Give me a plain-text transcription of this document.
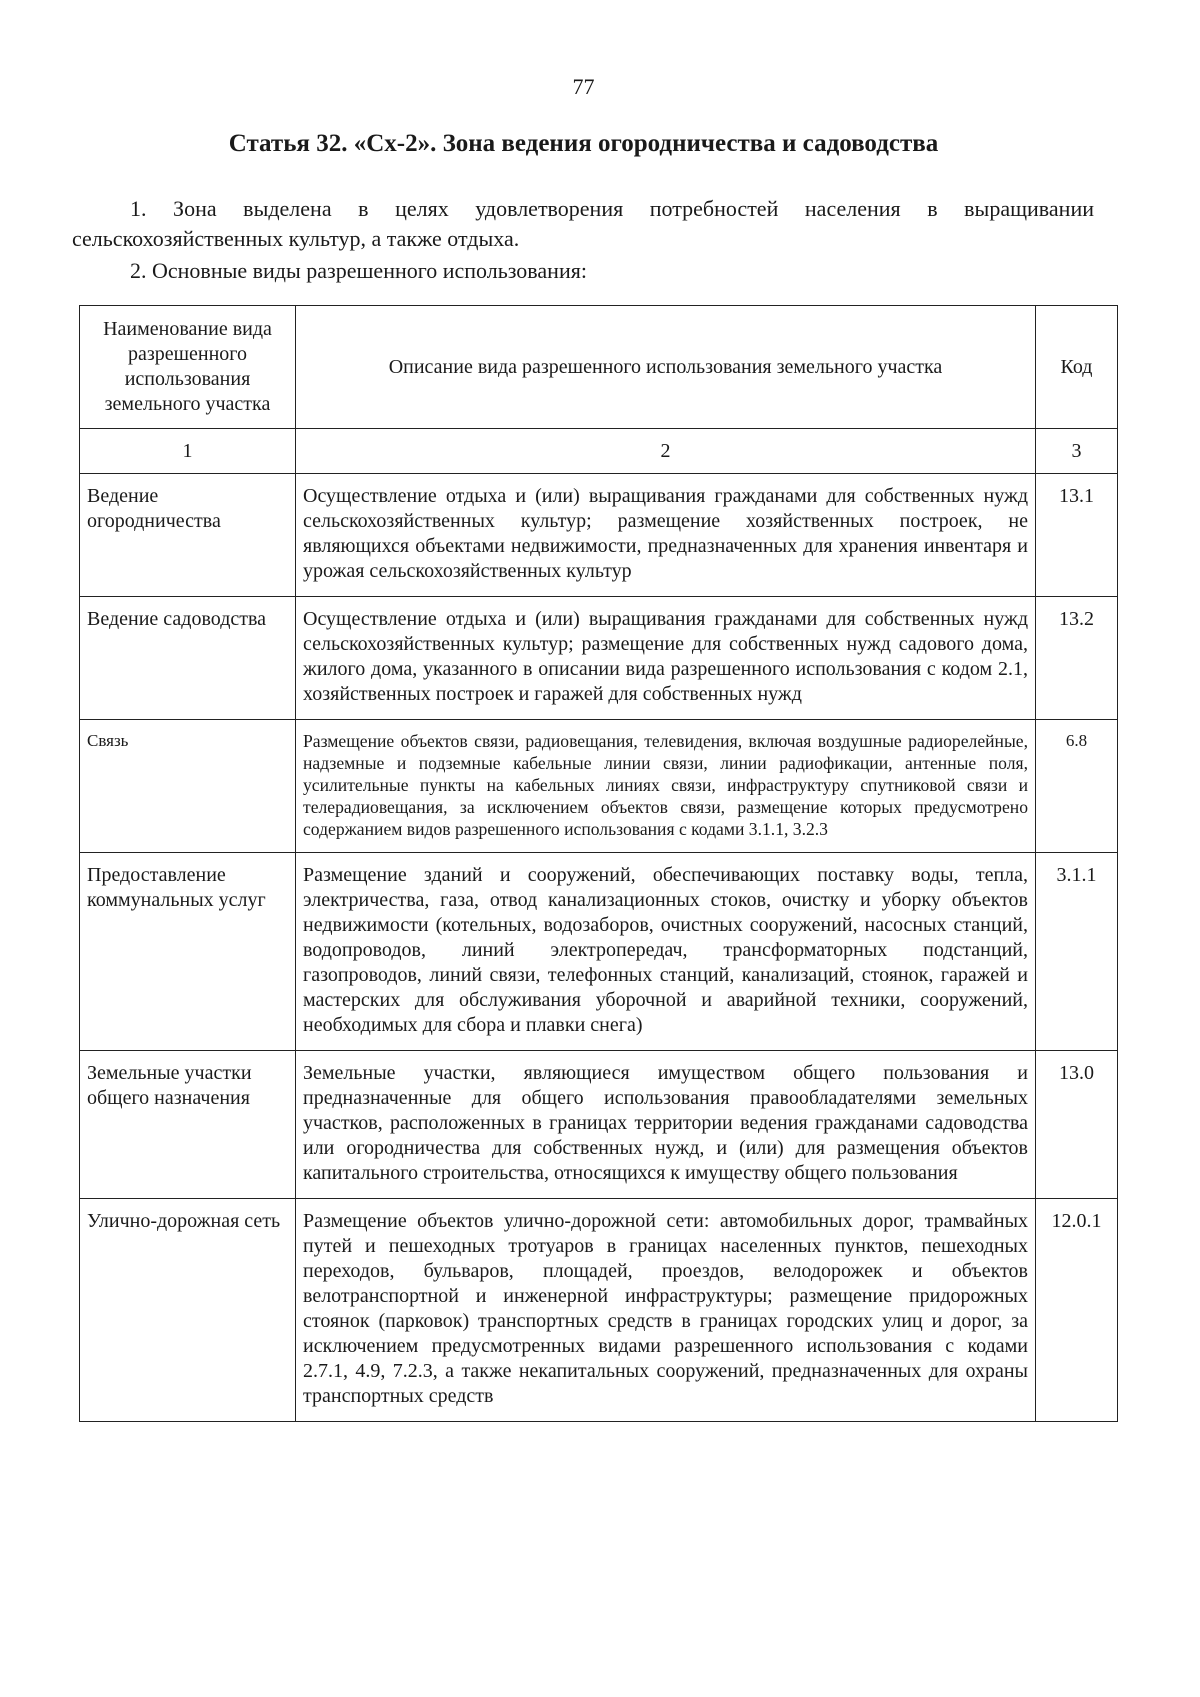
77
Статья 32. «Сх-2». Зона ведения огородничества и садоводства
1. Зона выделена в целях удовлетворения потребностей населения в выращивании сельскохозяйственных культур, а также отдыха.
2. Основные виды разрешенного использования:
Наименование вида разрешенного использования земельного участка	Описание вида разрешенного использования земельного участка	Код
1	2	3
Ведение огородничества	Осуществление отдыха и (или) выращивания гражданами для собственных нужд сельскохозяйственных культур; размещение хозяйственных построек, не являющихся объектами недвижимости, предназначенных для хранения инвентаря и урожая сельскохозяйственных культур	13.1
Ведение садоводства	Осуществление отдыха и (или) выращивания гражданами для собственных нужд сельскохозяйственных культур; размещение для собственных нужд садового дома, жилого дома, указанного в описании вида разрешенного использования с кодом 2.1, хозяйственных построек и гаражей для собственных нужд	13.2
Связь	Размещение объектов связи, радиовещания, телевидения, включая воздушные радиорелейные, надземные и подземные кабельные линии связи, линии радиофикации, антенные поля, усилительные пункты на кабельных линиях связи, инфраструктуру спутниковой связи и телерадиовещания, за исключением объектов связи, размещение которых предусмотрено содержанием видов разрешенного использования с кодами 3.1.1, 3.2.3	6.8
Предоставление коммунальных услуг	Размещение зданий и сооружений, обеспечивающих поставку воды, тепла, электричества, газа, отвод канализационных стоков, очистку и уборку объектов недвижимости (котельных, водозаборов, очистных сооружений, насосных станций, водопроводов, линий электропередач, трансформаторных подстанций, газопроводов, линий связи, телефонных станций, канализаций, стоянок, гаражей и мастерских для обслуживания уборочной и аварийной техники, сооружений, необходимых для сбора и плавки снега)	3.1.1
Земельные участки общего назначения	Земельные участки, являющиеся имуществом общего пользования и предназначенные для общего использования правообладателями земельных участков, расположенных в границах территории ведения гражданами садоводства или огородничества для собственных нужд, и (или) для размещения объектов капитального строительства, относящихся к имуществу общего пользования	13.0
Улично-дорожная сеть	Размещение объектов улично-дорожной сети: автомобильных дорог, трамвайных путей и пешеходных тротуаров в границах населенных пунктов, пешеходных переходов, бульваров, площадей, проездов, велодорожек и объектов велотранспортной и инженерной инфраструктуры; размещение придорожных стоянок (парковок) транспортных средств в границах городских улиц и дорог, за исключением предусмотренных видами разрешенного использования с кодами 2.7.1, 4.9, 7.2.3, а также некапитальных сооружений, предназначенных для охраны транспортных средств	12.0.1
